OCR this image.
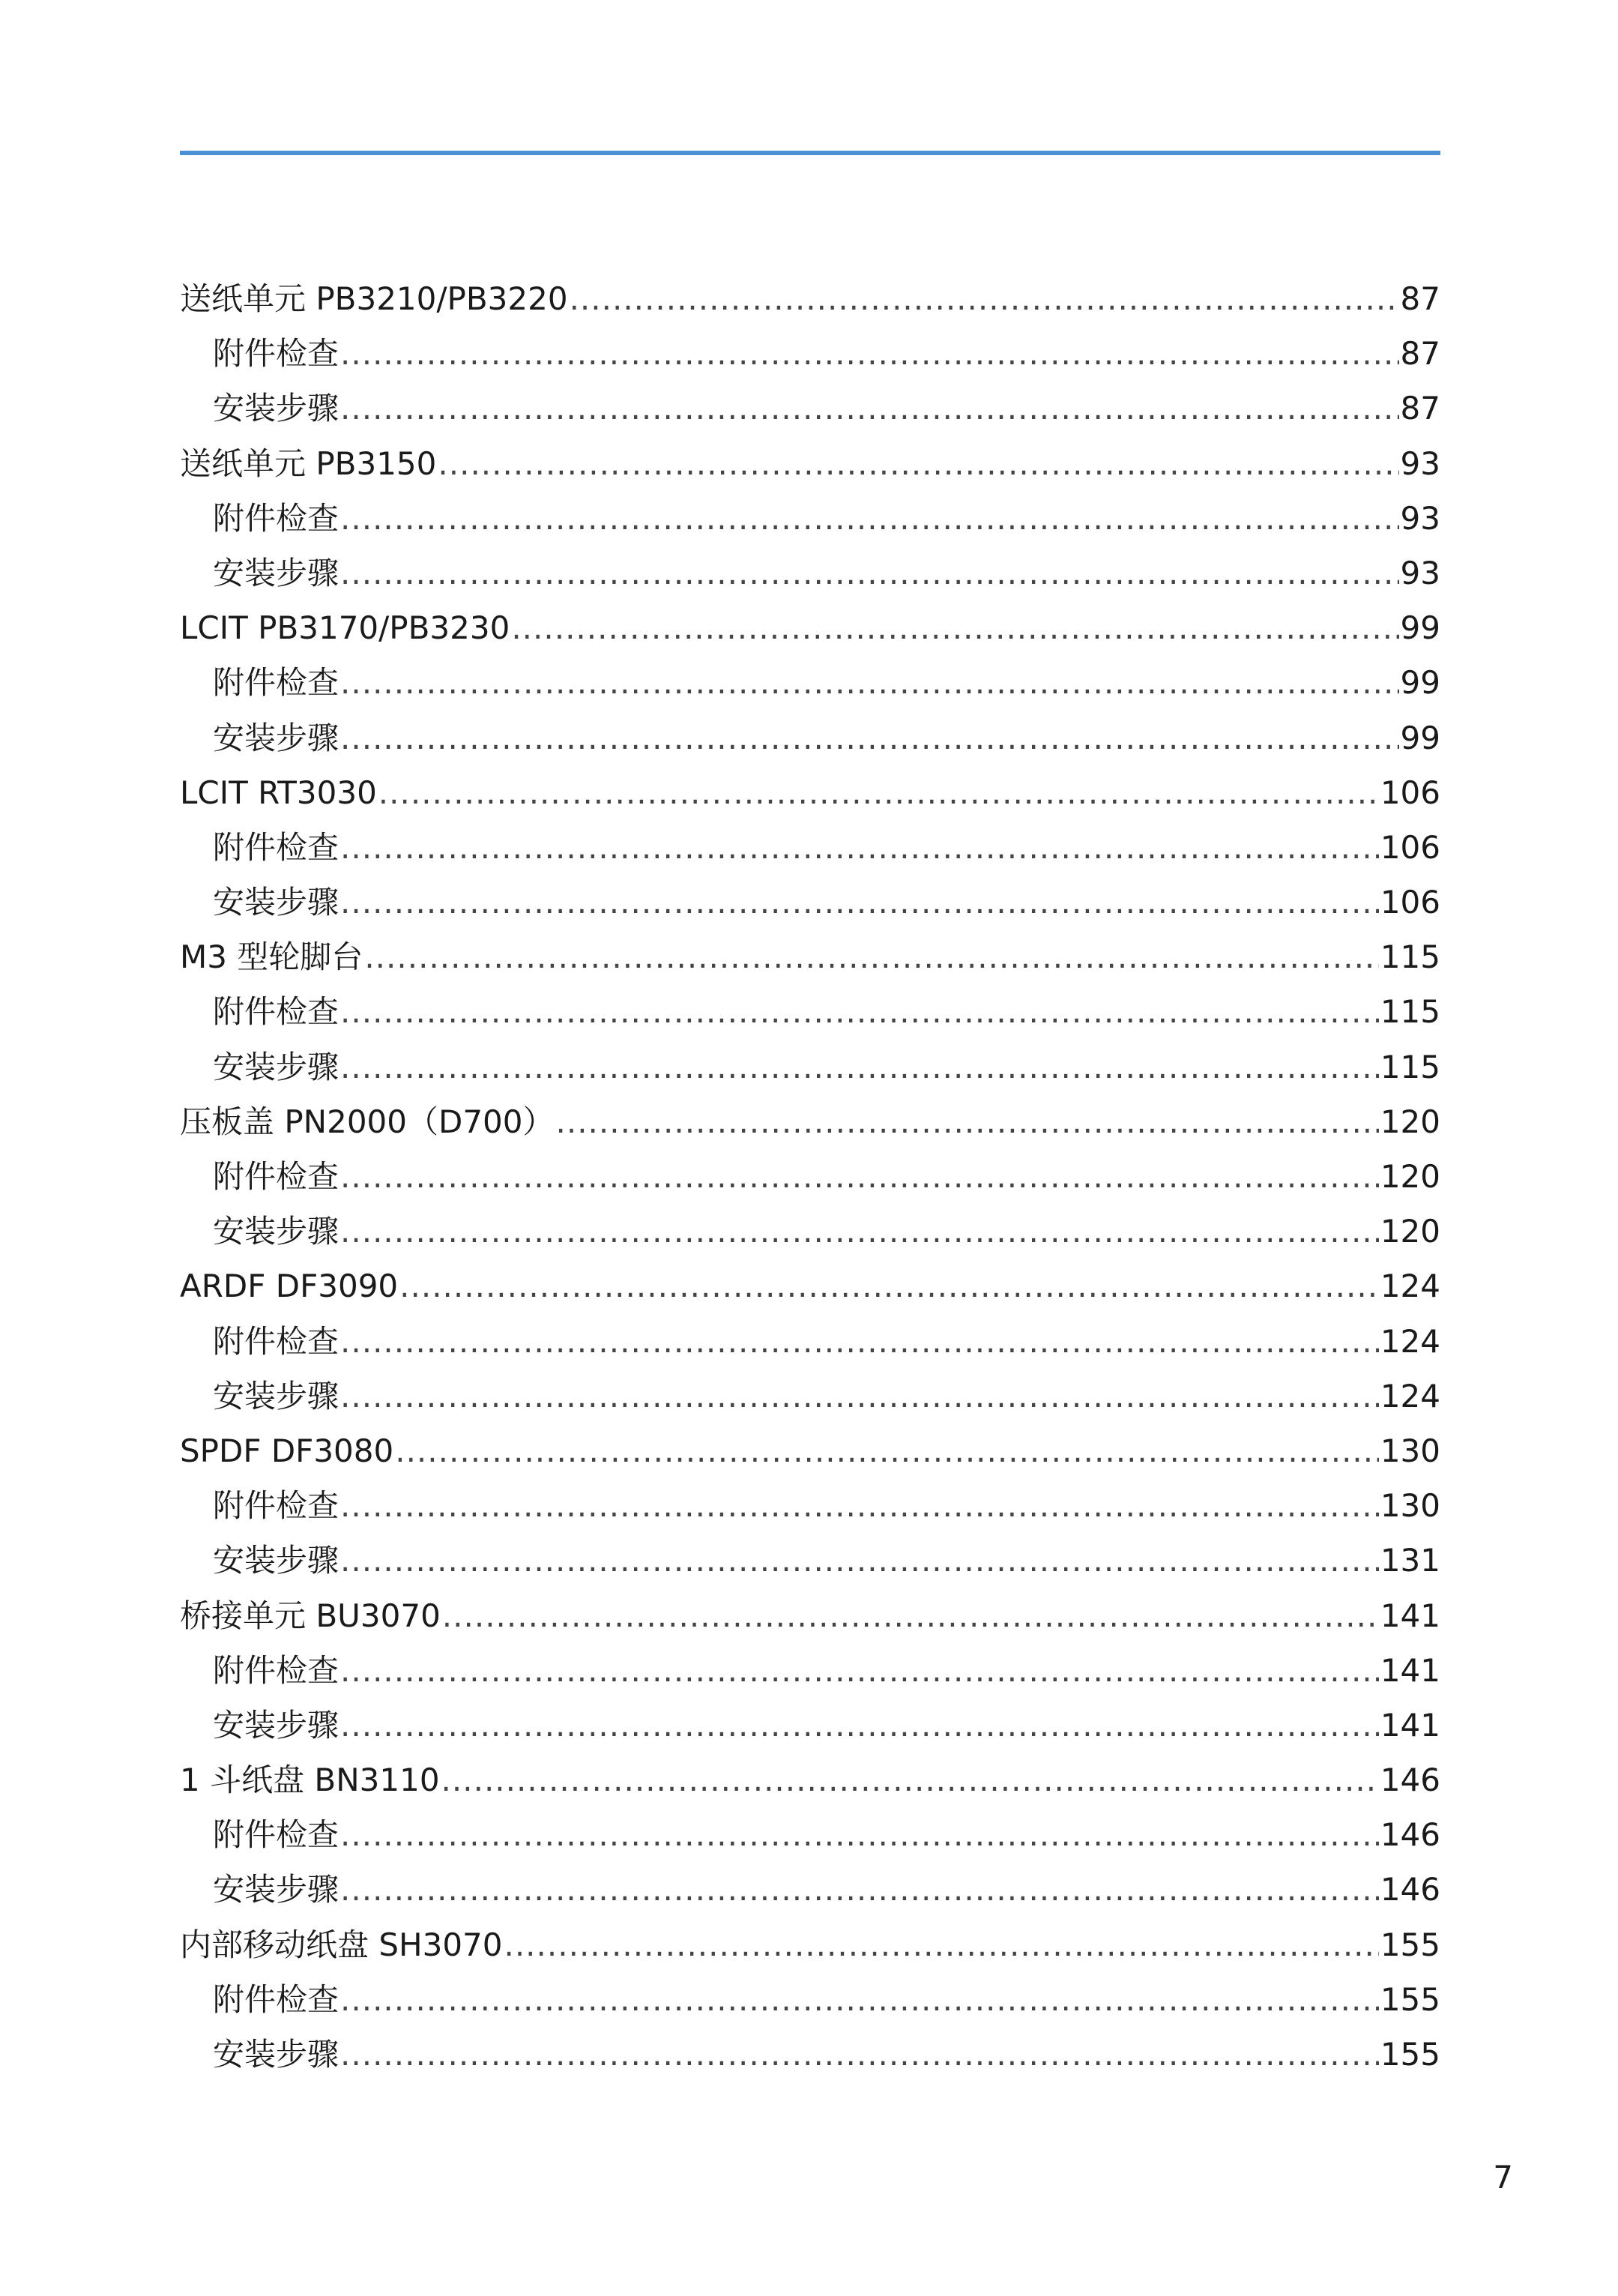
送纸单元 PB3210/PB3220 .....	87
附件检查 .....	87
安装步骤 .....	87
送纸单元 PB3150 .....	93
附件检查 .....	93
安装步骤 .....	93
LCIT PB3170/PB3230 .....	99
附件检查 .....	99
安装步骤 .....	99
LCIT RT3030 .....	106
附件检查 .....	106
安装步骤 .....	106
M3 型轮脚台 .....	115
附件检查 .....	115
安装步骤 .....	115
压板盖 PN2000（D700） .....	120
附件检查 .....	120
安装步骤 .....	120
ARDF DF3090 .....	124
附件检查 .....	124
安装步骤 .....	124
SPDF DF3080 .....	130
附件检查 .....	130
安装步骤 .....	131
桥接单元 BU3070 .....	141
附件检查 .....	141
安装步骤 .....	141
1 斗纸盘 BN3110 .....	146
附件检查 .....	146
安装步骤 .....	146
内部移动纸盘 SH3070 .....	155
附件检查 .....	155
安装步骤 .....	155
7
